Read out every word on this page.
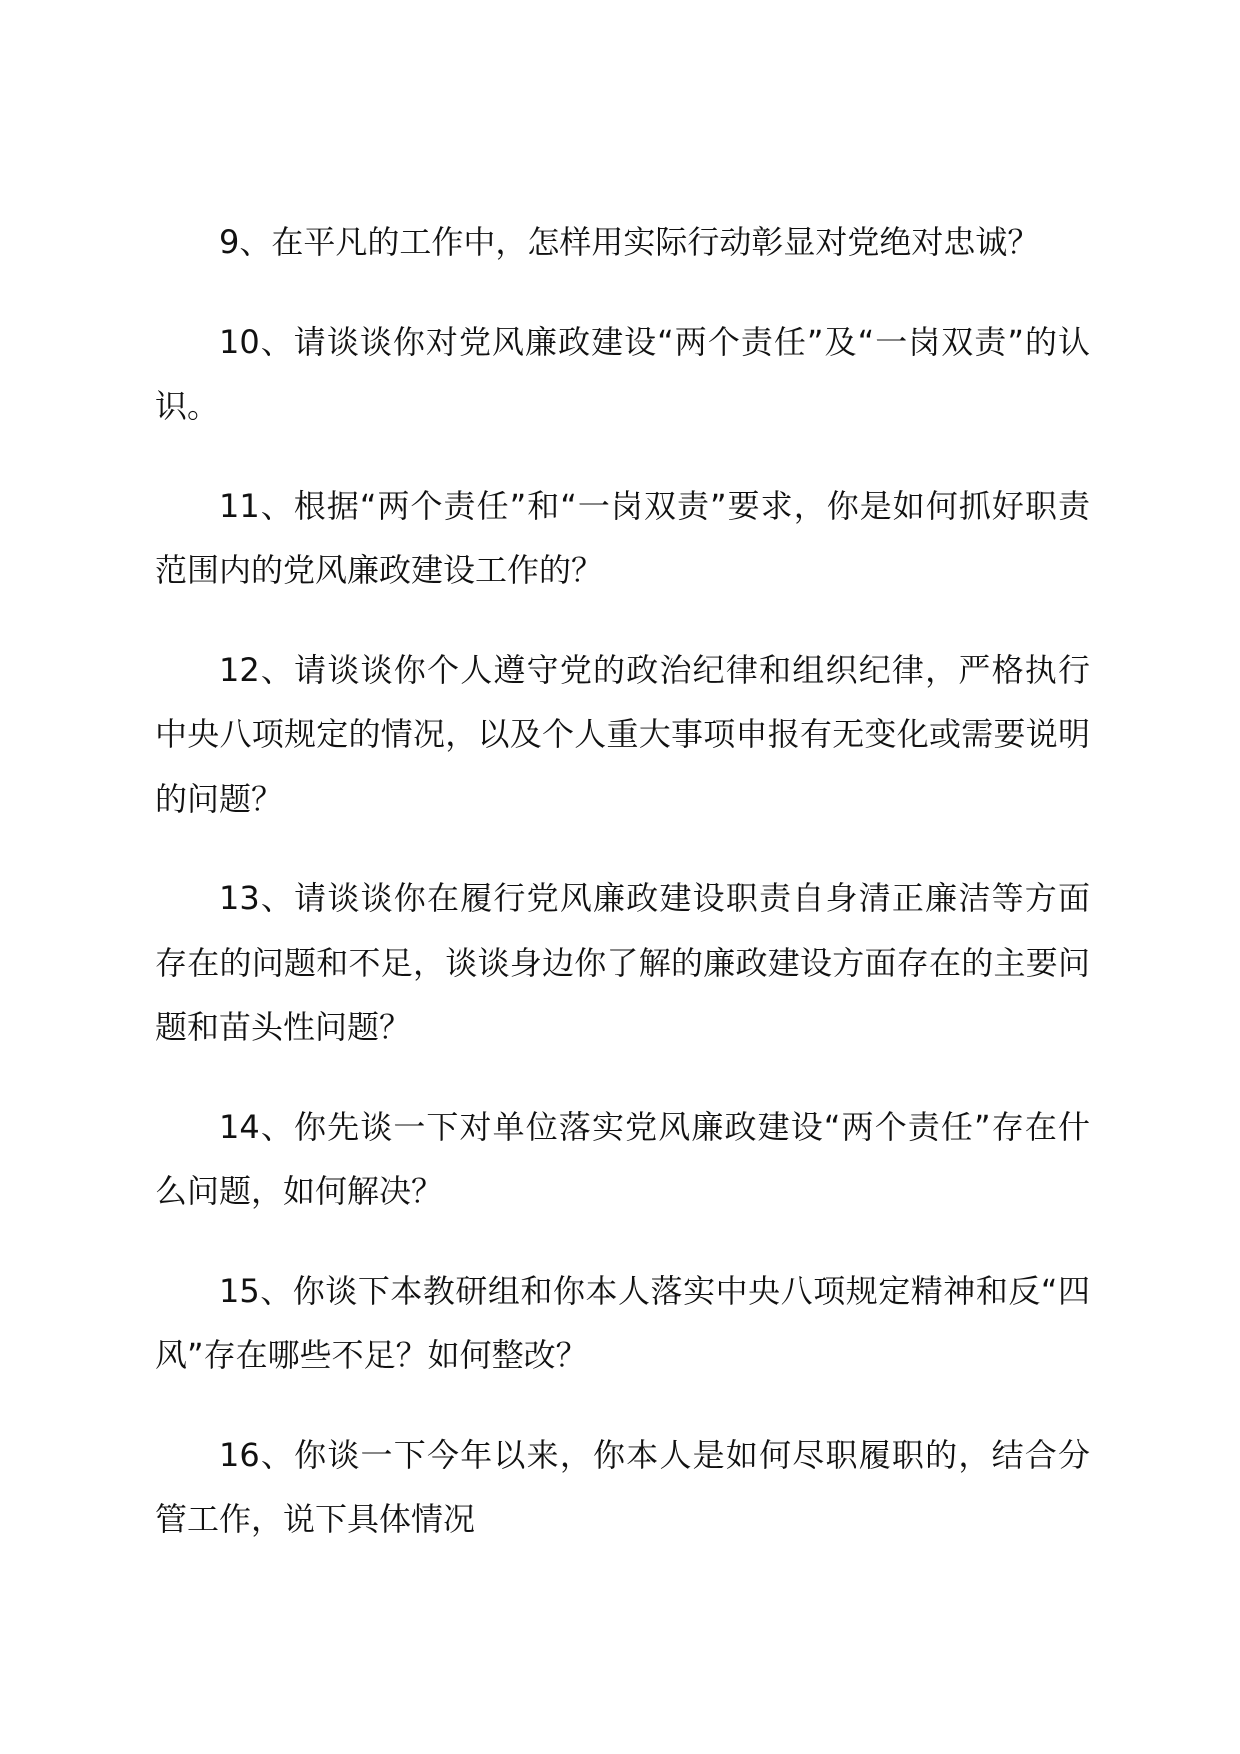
9、在平凡的工作中，怎样用实际行动彰显对党绝对忠诚？

10、请谈谈你对党风廉政建设“两个责任”及“一岗双责”的认识。

11、根据“两个责任”和“一岗双责”要求，你是如何抓好职责范围内的党风廉政建设工作的？

12、请谈谈你个人遵守党的政治纪律和组织纪律，严格执行中央八项规定的情况，以及个人重大事项申报有无变化或需要说明的问题？

13、请谈谈你在履行党风廉政建设职责自身清正廉洁等方面存在的问题和不足，谈谈身边你了解的廉政建设方面存在的主要问题和苗头性问题？

14、你先谈一下对单位落实党风廉政建设“两个责任”存在什么问题，如何解决？

15、你谈下本教研组和你本人落实中央八项规定精神和反“四风”存在哪些不足？如何整改？

16、你谈一下今年以来，你本人是如何尽职履职的，结合分管工作，说下具体情况
